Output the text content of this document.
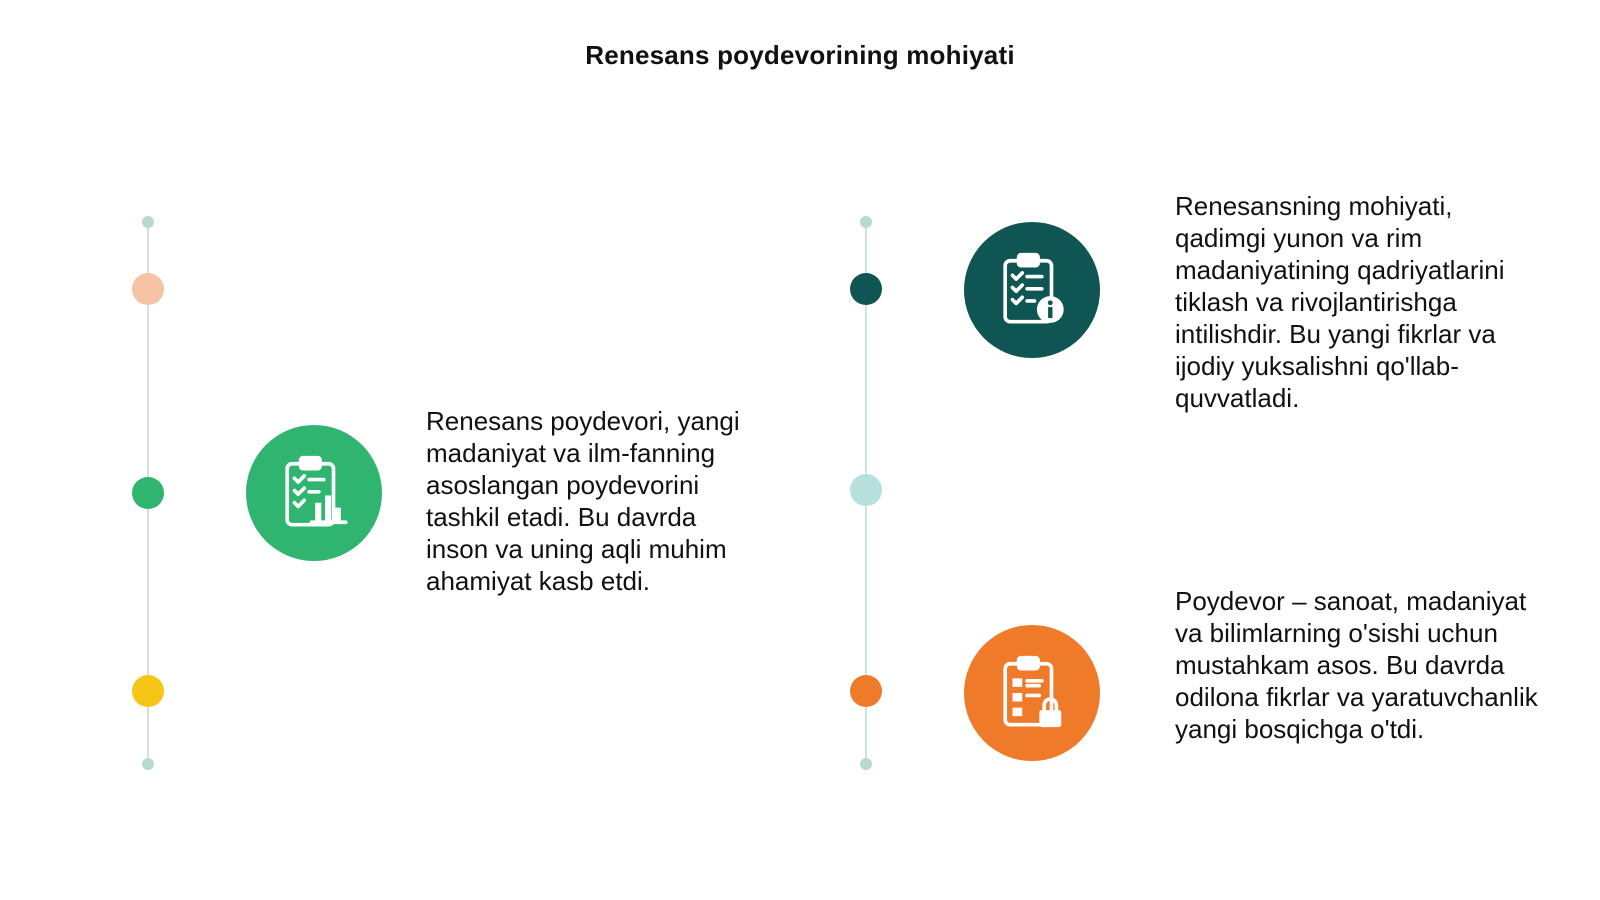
Renesans poydevorining mohiyati
Renesans poydevori, yangi madaniyat va ilm-fanning asoslangan poydevorini tashkil etadi. Bu davrda inson va uning aqli muhim ahamiyat kasb etdi.
Renesansning mohiyati, qadimgi yunon va rim madaniyatining qadriyatlarini tiklash va rivojlantirishga intilishdir. Bu yangi fikrlar va ijodiy yuksalishni qo'llab-quvvatladi.
Poydevor – sanoat, madaniyat va bilimlarning o'sishi uchun mustahkam asos. Bu davrda odilona fikrlar va yaratuvchanlik yangi bosqichga o'tdi.
